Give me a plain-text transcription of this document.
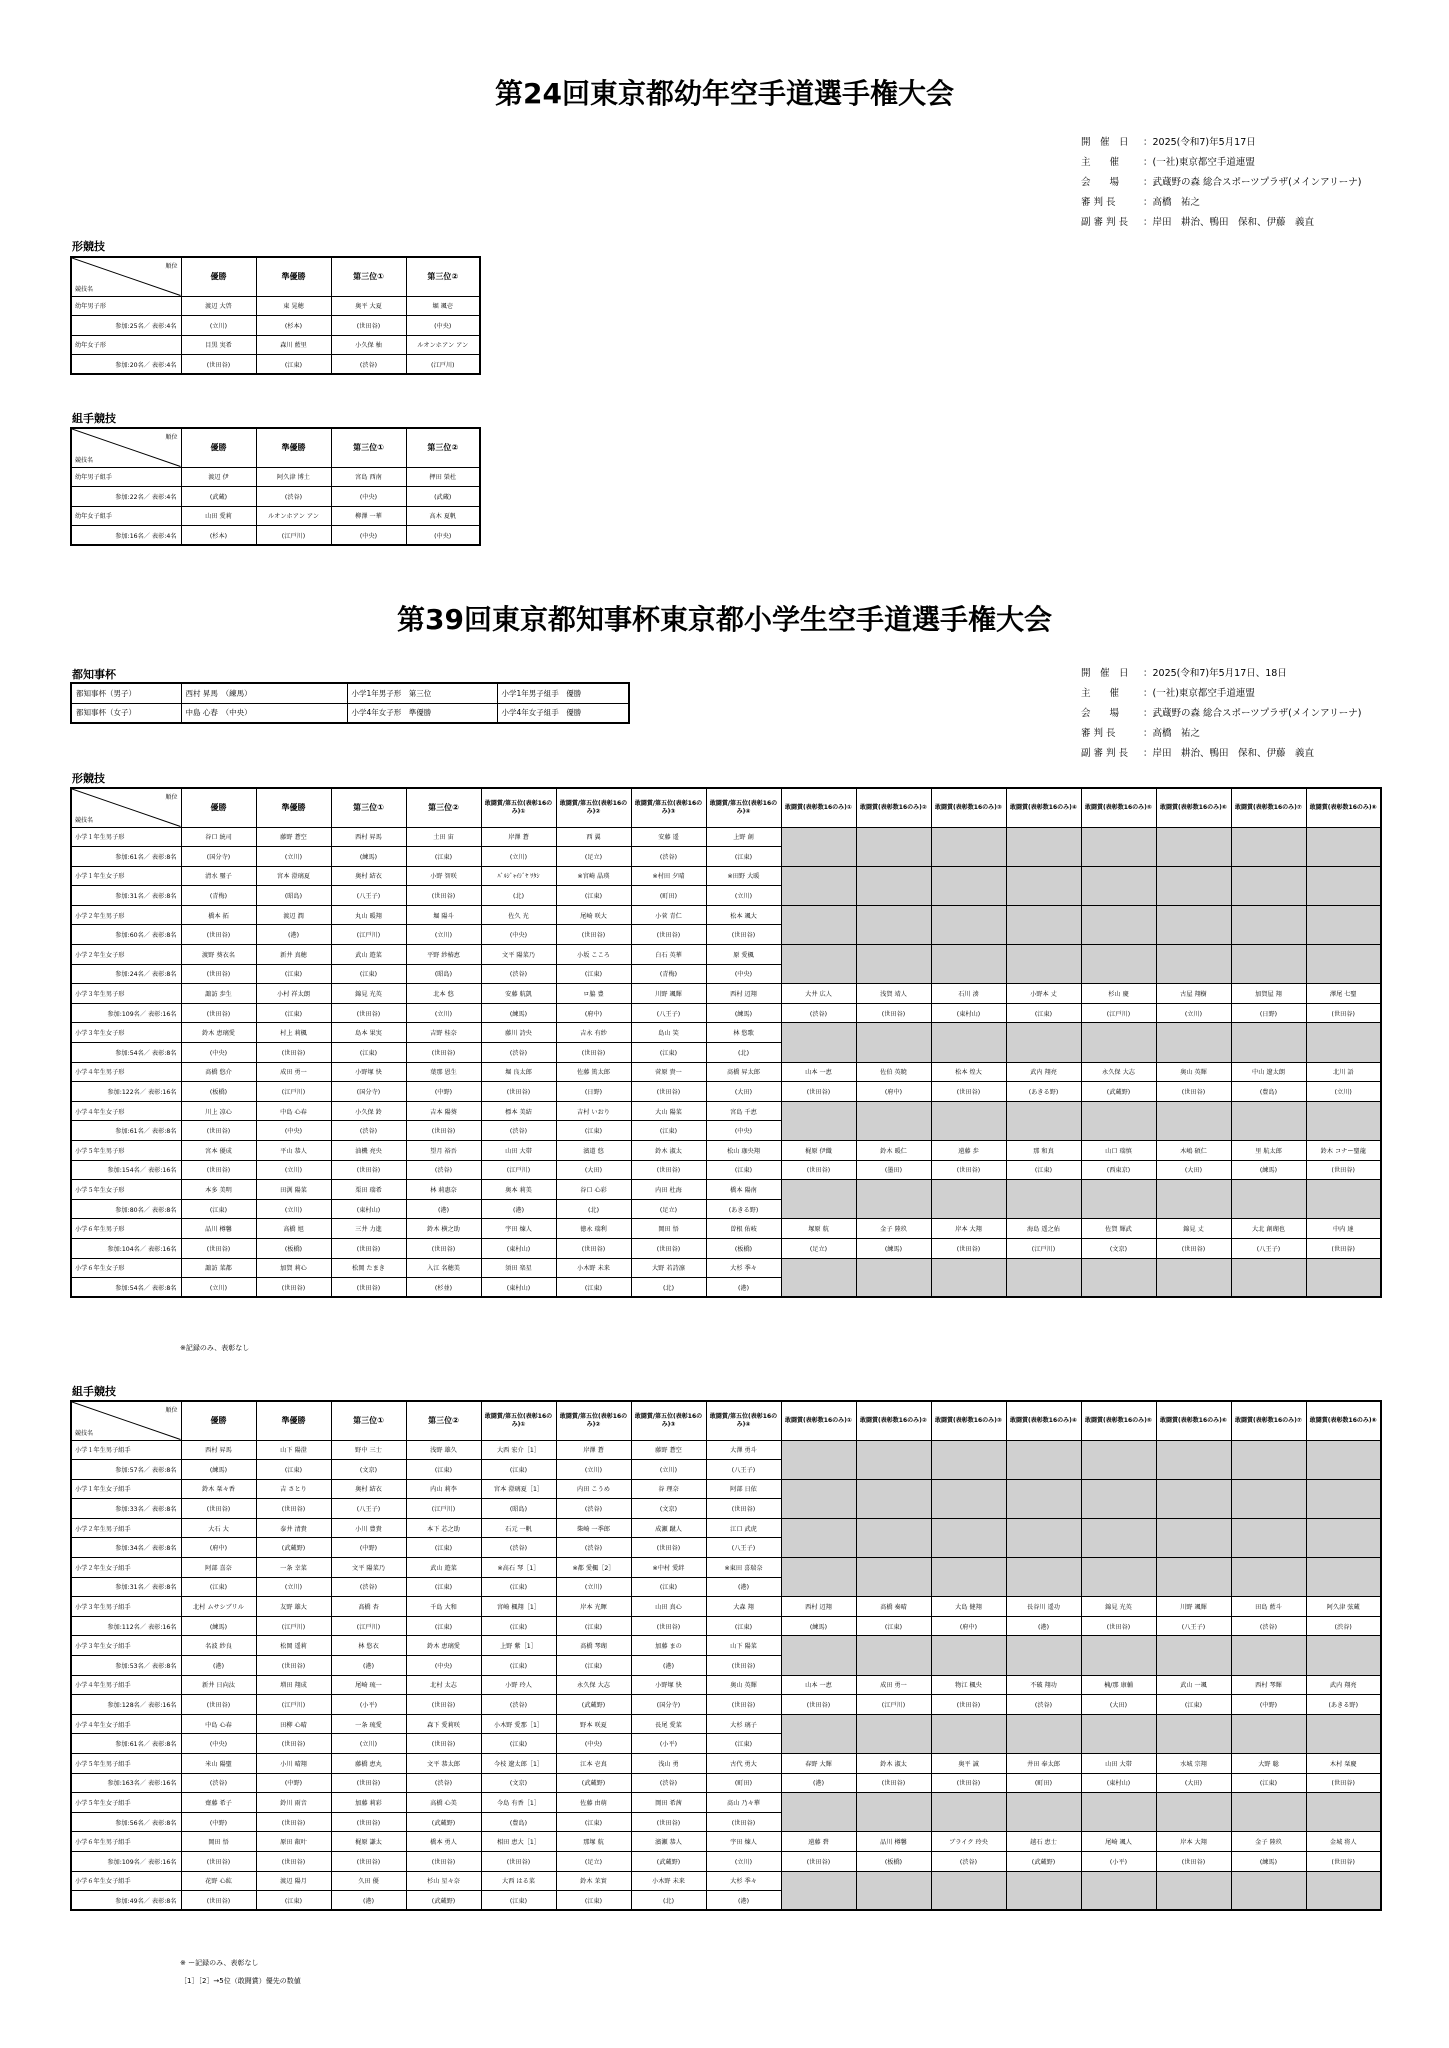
第24回東京都幼年空手道選手権大会
開　催　日 ：2025(令和7)年5月17日
主　　催	：(一社)東京都空手道連盟
会　　場	：武蔵野の森 総合スポーツプラザ(メインアリーナ)
審 判 長	：高橋　祐之
副 審 判 長 ：岸田　耕治、鴨田　保和、伊藤　義直
形競技
順位
競技名	優勝	準優勝	第三位①	第三位②
幼年男子形	渡辺 大啓	東 晃穂	奥平 大夏	堀 颯壱
参加:25名／ 表彰:4名	(立川)	(杉本)	(世田谷)	(中央)
幼年女子形	目黒 実希	森川 藍里	小久保 柚	ルオンホアン アン
参加:20名／ 表彰:4名	(世田谷)	(江東)	(渋谷)	(江戸川)
組手競技
順位
競技名	優勝	準優勝	第三位①	第三位②
幼年男子組手	渡辺 伊	阿久津 博土	宮島 西南	押田 榮杜
参加:22名／ 表彰:4名	(武蔵)	(渋谷)	(中央)	(武蔵)
幼年女子組手	山田 愛莉	ルオンホアン アン	柳澤 一華	高木 夏帆
参加:16名／ 表彰:4名	(杉本)	(江戸川)	(中央)	(中央)
第39回東京都知事杯東京都小学生空手道選手権大会
開　催　日 ：2025(令和7)年5月17日、18日
主　　催	：(一社)東京都空手道連盟
会　　場	：武蔵野の森 総合スポーツプラザ(メインアリーナ)
審 判 長	：高橋　祐之
副 審 判 長 ：岸田　耕治、鴨田　保和、伊藤　義直
都知事杯
都知事杯（男子）	西村 昇馬　（練馬）	小学1年男子形　第三位	小学1年男子組手　優勝
都知事杯（女子）	中島 心春　（中央）	小学4年女子形　準優勝	小学4年女子組手　優勝
形競技
順位
競技名	優勝	準優勝	第三位①	第三位②	敢闘賞/第五位(表彰16のみ)①	敢闘賞/第五位(表彰16のみ)②	敢闘賞/第五位(表彰16のみ)③	敢闘賞/第五位(表彰16のみ)④	敢闘賞(表彰数16のみ)①	敢闘賞(表彰数16のみ)②	敢闘賞(表彰数16のみ)③	敢闘賞(表彰数16のみ)④	敢闘賞(表彰数16のみ)⑤	敢闘賞(表彰数16のみ)⑥	敢闘賞(表彰数16のみ)⑦	敢闘賞(表彰数16のみ)⑧
小学１年生男子形	谷口 統司	藤野 蒼空	西村 昇馬	土田 宙	岸澤 蒼	西 翼	安藤 遥	上野 創								
参加:61名／ 表彰:8名	(国分寺)	(立川)	(練馬)	(江東)	(立川)	(足立)	(渋谷)	(江東)								
小学１年生女子形	清水 璽子	宮本 澄璃夏	奥村 結衣	小野 智咲	ﾊﾞﾙｼﾞｬｲｼﾞﾔ ﾜﾀｼ	※宮崎 晶瑛	※村田 夕晴	※田野 大暖								
参加:31名／ 表彰:8名	(青梅)	(昭島)	(八王子)	(世田谷)	(北)	(江東)	(町田)	(立川)								
小学２年生男子形	橋本 拓	渡辺 潤	丸山 暖翔	堀 陽斗	佐久 光	尾崎 咲大	小菅 青仁	松本 颯大								
参加:60名／ 表彰:8名	(世田谷)	(港)	(江戸川)	(立川)	(中央)	(世田谷)	(世田谷)	(世田谷)								
小学２年生女子形	渡野 葵衣名	新井 真穂	武山 遊菜	平野 紗椿恵	文平 陽菜乃	小坂 こころ	白石 英華	原 愛楓								
参加:24名／ 表彰:8名	(世田谷)	(江東)	(江東)	(昭島)	(渋谷)	(江東)	(青梅)	(中央)								
小学３年生男子形	諏訪 歩生	小村 祥太朗	錦見 光英	北本 悠	安藤 航凱	ロ脇 豊	川野 颯輝	西村 辺翔	大井 広人	浅賀 靖人	石川 湊	小野本 丈	杉山 慶	古屋 翔樹	加賀屋 翔	澤尾 七聖
参加:109名／ 表彰:16名	(世田谷)	(江東)	(世田谷)	(立川)	(練馬)	(府中)	(八王子)	(練馬)	(渋谷)	(世田谷)	(東村山)	(江東)	(江戸川)	(立川)	(日野)	(世田谷)
小学３年生女子形	鈴木 恵璃愛	村上 莉楓	島本 果実	吉野 桂奈	藤川 詩央	吉永 有紗	島山 笑	林 悠歌								
参加:54名／ 表彰:8名	(中央)	(世田谷)	(江東)	(世田谷)	(渋谷)	(世田谷)	(江東)	(北)								
小学４年生男子形	髙橋 悠介	成田 勇一	小野塚 快	葉那 恩生	堀 良太郎	佐藤 篤太郎	菅原 貴一	髙橋 昇太郎	山本 一恵	佐伯 英暁	松本 煌大	武内 翔亮	永久保 大志	奥山 英輝	中山 遼太朗	北川 語
参加:122名／ 表彰:16名	(板橋)	(江戸川)	(国分寺)	(中野)	(世田谷)	(日野)	(世田谷)	(大田)	(世田谷)	(府中)	(世田谷)	(あきる野)	(武蔵野)	(世田谷)	(豊島)	(立川)
小学４年生女子形	川上 凉心	中島 心春	小久保 鈴	吉本 陽葵	標本 美結	吉村 いおり	大山 陽菜	宮島 千恵								
参加:61名／ 表彰:8名	(世田谷)	(中央)	(渋谷)	(世田谷)	(渋谷)	(江東)	(江東)	(中央)								
小学５年生男子形	宮本 優成	平山 恭人	油機 亮央	望月 裕吾	山田 大帯	濱道 悠	鈴木 淑太	松山 珈央翔	梶原 伊織	鈴木 暖仁	遠藤 歩	那 和真	山口 瑞慎	木嶋 碩仁	里 航太郎	鈴木 コナー聖龍
参加:154名／ 表彰:16名	(世田谷)	(立川)	(世田谷)	(渋谷)	(江戸川)	(大田)	(世田谷)	(江東)	(世田谷)	(墨田)	(世田谷)	(江東)	(西東京)	(大田)	(練馬)	(世田谷)
小学５年生女子形	本多 美明	田渕 陽菜	栗田 瑞希	林 莉惠奈	奥本 莉美	谷口 心彩	内田 杜海	橋本 陽南								
参加:80名／ 表彰:8名	(江東)	(立川)	(東村山)	(港)	(港)	(北)	(足立)	(あきる野)								
小学６年生男子形	品川 樽馨	高橋 旭	三井 力進	鈴木 横之助	宇田 煉人	徳永 瑞利	岡田 悟	曽根 佑岐	塚原 航	金子 陸玖	岸本 大翔	海島 遥之佑	佐賀 輝武	錦見 丈	大北 創瑚也	中内 達
参加:104名／ 表彰:16名	(世田谷)	(板橋)	(世田谷)	(世田谷)	(東村山)	(世田谷)	(世田谷)	(板橋)	(足立)	(練馬)	(世田谷)	(江戸川)	(文京)	(世田谷)	(八王子)	(世田谷)
小学６年生女子形	諏訪 菜都	加賀 莉心	松岡 たまき	入江 名穂美	須田 楽星	小木野 未来	大野 若詩凛	大杉 季々								
参加:54名／ 表彰:8名	(立川)	(世田谷)	(世田谷)	(杉並)	(東村山)	(江東)	(北)	(港)								
※記録のみ、表彰なし
組手競技
順位
競技名	優勝	準優勝	第三位①	第三位②	敢闘賞/第五位(表彰16のみ)①	敢闘賞/第五位(表彰16のみ)②	敢闘賞/第五位(表彰16のみ)③	敢闘賞/第五位(表彰16のみ)④	敢闘賞(表彰数16のみ)①	敢闘賞(表彰数16のみ)②	敢闘賞(表彰数16のみ)③	敢闘賞(表彰数16のみ)④	敢闘賞(表彰数16のみ)⑤	敢闘賞(表彰数16のみ)⑥	敢闘賞(表彰数16のみ)⑦	敢闘賞(表彰数16のみ)⑧
小学１年生男子組手	西村 昇馬	山下 陽澄	野中 三士	浅野 雄久	大西 宏介［1］	岸澤 蒼	藤野 蒼空	大澤 勇斗								
参加:57名／ 表彰:8名	(練馬)	(江東)	(文京)	(江東)	(江東)	(立川)	(立川)	(八王子)								
小学１年生女子組手	鈴木 栞々香	吉 さとり	奥村 結衣	内山 莉李	宮本 澄璃夏［1］	内田 こうめ	谷 理奈	阿部 日依								
参加:33名／ 表彰:8名	(世田谷)	(世田谷)	(八王子)	(江戸川)	(昭島)	(渋谷)	(文京)	(世田谷)								
小学２年生男子組手	大石 大	泰井 清貴	小川 豊貴	本下 芯之助	石元 一帆	柴崎 一季郎	成瀬 蹴人	江口 武虎								
参加:34名／ 表彰:8名	(府中)	(武蔵野)	(中野)	(江東)	(渋谷)	(渋谷)	(世田谷)	(八王子)								
小学２年生女子組手	阿部 喜奈	一条 幸菜	文平 陽菜乃	武山 遊菜	※高石 琴［1］	※都 愛楓［2］	※中村 愛絆	※東田 喜瑞奈								
参加:31名／ 表彰:8名	(江東)	(立川)	(渋谷)	(江東)	(江東)	(立川)	(江東)	(港)								
小学３年生男子組手	北村 ムサシブリル	友野 雄大	髙橋 杏	千島 大和	宮崎 楓翔［1］	岸本 光暉	山田 真心	大森 翔	西村 辺翔	髙橋 奏晴	大島 健翔	長谷川 遥功	錦見 光英	川野 颯輝	田島 藍斗	阿久津 弦蔵
参加:112名／ 表彰:16名	(練馬)	(江戸川)	(江戸川)	(江東)	(江東)	(江東)	(世田谷)	(江東)	(練馬)	(江東)	(府中)	(港)	(世田谷)	(八王子)	(渋谷)	(渋谷)
小学３年生女子組手	名波 紗良	松岡 遥莉	林 悠衣	鈴木 恵璃愛	上野 紫［1］	髙橋 琴瑚	加藤 まの	山下 陽菜								
参加:53名／ 表彰:8名	(港)	(世田谷)	(港)	(中央)	(江東)	(江東)	(港)	(世田谷)								
小学４年生男子組手	新井 日向汰	増田 翔成	尾崎 琉一	北村 太志	小野 玲人	永久保 大志	小野塚 快	奥山 英輝	山本 一恵	成田 勇一	物江 楓央	不破 翔功	楠/那 康輔	武山 一颯	西村 琴輝	武内 翔亮
参加:128名／ 表彰:16名	(世田谷)	(江戸川)	(小平)	(世田谷)	(渋谷)	(武蔵野)	(国分寺)	(世田谷)	(世田谷)	(江戸川)	(世田谷)	(渋谷)	(大田)	(江東)	(中野)	(あきる野)
小学４年生女子組手	中島 心春	田柳 心晴	一条 琉愛	森下 愛莉咲	小木野 愛那［1］	野本 咲夏	長尾 愛菜	大杉 璃子								
参加:61名／ 表彰:8名	(中央)	(世田谷)	(立川)	(世田谷)	(江東)	(中央)	(小平)	(江東)								
小学５年生男子組手	米山 陽聖	小川 晴翔	藤橋 恵丸	文平 恭太郎	今枝 遼太郎［1］	江本 壱真	浅山 勇	古代 勇大	春野 大輝	鈴木 淑太	奥平 誠	井田 奉太郎	山田 大帯	水城 宗翔	大野 聡	木村 栞慶
参加:163名／ 表彰:16名	(渋谷)	(中野)	(世田谷)	(渋谷)	(文京)	(武蔵野)	(渋谷)	(町田)	(港)	(世田谷)	(世田谷)	(町田)	(東村山)	(大田)	(江東)	(世田谷)
小学５年生女子組手	齋藤 希子	鈴川 雨音	加藤 莉彩	高橋 心美	今島 有香［1］	佐藤 由萌	岡田 希茜	髙山 乃々華								
参加:56名／ 表彰:8名	(中野)	(世田谷)	(世田谷)	(武蔵野)	(豊島)	(江東)	(世田谷)	(世田谷)								
小学６年生男子組手	岡田 悟	原田 叡叶	梶原 謙太	橋本 勇人	相田 恵大［1］	那塚 航	濱瀬 恭人	宇田 煉人	遠藤 碧	品川 樽馨	ブライク 玲央	越石 恵士	尾崎 颯人	岸本 大翔	金子 陸玖	金城 将人
参加:109名／ 表彰:16名	(世田谷)	(世田谷)	(世田谷)	(世田谷)	(世田谷)	(足立)	(武蔵野)	(立川)	(世田谷)	(板橋)	(渋谷)	(武蔵野)	(小平)	(世田谷)	(練馬)	(世田谷)
小学６年生女子組手	花野 心紘	渡辺 陽月	久田 優	杉山 星々奈	大西 はる菜	鈴木 茉實	小木野 未来	大杉 季々								
参加:49名／ 表彰:8名	(世田谷)	(江東)	(港)	(武蔵野)	(江東)	(江東)	(北)	(港)								
※ ー記録のみ、表彰なし
［1］［2］→5位（敢闘賞）優先の数値
